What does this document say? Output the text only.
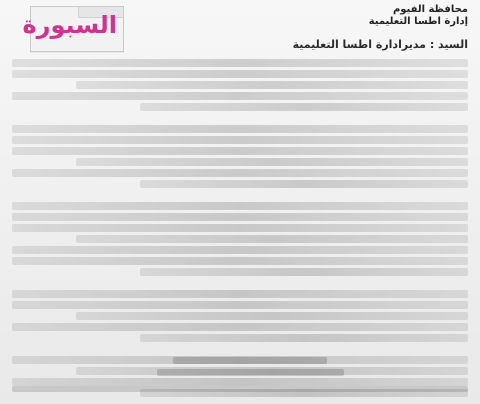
السبورة
محافظة الفيوم
إدارة اطسا التعليمية
السيد : مديرادارة اطسا التعليمية
